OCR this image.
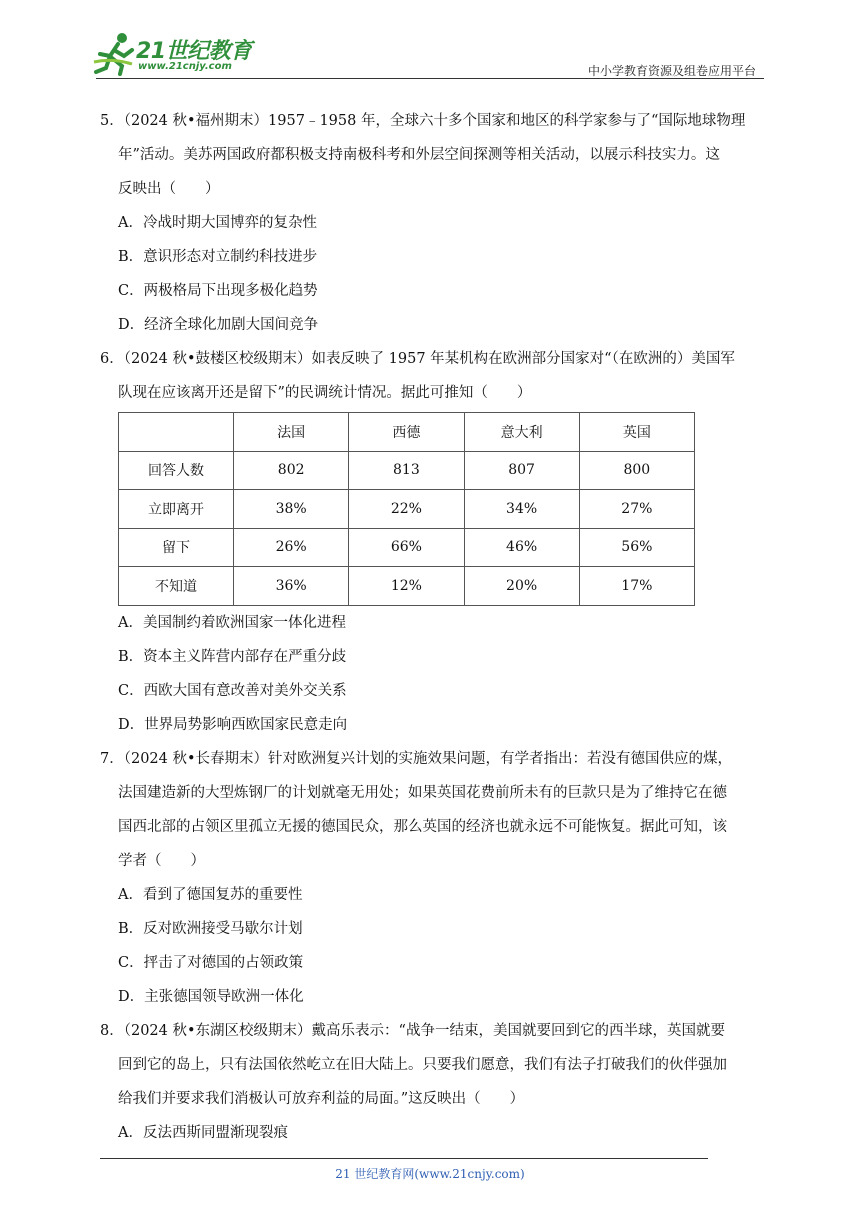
21世纪教育
www.21cnjy.com	中小学教育资源及组卷应用平台
5．（2024 秋•福州期末）1957﹣1958 年，全球六十多个国家和地区的科学家参与了“国际地球物理
年”活动。美苏两国政府都积极支持南极科考和外层空间探测等相关活动，以展示科技实力。这
反映出（　　）
A．冷战时期大国博弈的复杂性
B．意识形态对立制约科技进步
C．两极格局下出现多极化趋势
D．经济全球化加剧大国间竞争
6．（2024 秋•鼓楼区校级期末）如表反映了 1957 年某机构在欧洲部分国家对“（在欧洲的）美国军
队现在应该离开还是留下”的民调统计情况。据此可推知（　　）
	法国	西德	意大利	英国
回答人数	802	813	807	800
立即离开	38%	22%	34%	27%
留下	26%	66%	46%	56%
不知道	36%	12%	20%	17%
A．美国制约着欧洲国家一体化进程
B．资本主义阵营内部存在严重分歧
C．西欧大国有意改善对美外交关系
D．世界局势影响西欧国家民意走向
7．（2024 秋•长春期末）针对欧洲复兴计划的实施效果问题，有学者指出：若没有德国供应的煤，
法国建造新的大型炼钢厂的计划就毫无用处；如果英国花费前所未有的巨款只是为了维持它在德
国西北部的占领区里孤立无援的德国民众，那么英国的经济也就永远不可能恢复。据此可知，该
学者（　　）
A．看到了德国复苏的重要性
B．反对欧洲接受马歇尔计划
C．抨击了对德国的占领政策
D．主张德国领导欧洲一体化
8．（2024 秋•东湖区校级期末）戴高乐表示：“战争一结束，美国就要回到它的西半球，英国就要
回到它的岛上，只有法国依然屹立在旧大陆上。只要我们愿意，我们有法子打破我们的伙伴强加
给我们并要求我们消极认可放弃利益的局面。”这反映出（　　）
A．反法西斯同盟渐现裂痕
21 世纪教育网(www.21cnjy.com)
